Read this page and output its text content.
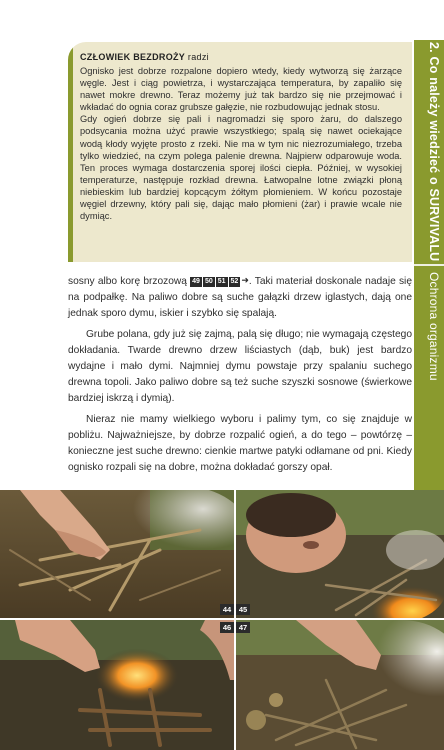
2. Co należy wiedzieć o SURVIVALU
Ochrona organizmu
CZŁOWIEK BEZDROŻY radzi

Ognisko jest dobrze rozpalone dopiero wtedy, kiedy wytworzą się żarzące węgle. Jest i ciąg powietrza, i wystarczająca temperatura, by zapaliło się nawet mokre drewno. Teraz możemy już tak bardzo się nie przejmować i wkładać do ognia coraz grubsze gałęzie, nie rozbudowując jednak stosu.

Gdy ogień dobrze się pali i nagromadzi się sporo żaru, do dalszego podsycania można użyć prawie wszystkiego; spalą się nawet ociekające wodą kłody wyjęte prosto z rzeki. Nie ma w tym nic niezrozumiałego, trzeba tylko wiedzieć, na czym polega palenie drewna. Najpierw odparowuje woda. Ten proces wymaga dostarczenia sporej ilości ciepła. Później, w wysokiej temperaturze, następuje rozkład drewna. Łatwopalne lotne związki płoną niebieskim lub bardziej kopcącym żółtym płomieniem. W końcu pozostaje węgiel drzewny, który pali się, dając mało płomieni (żar) i prawie wcale nie dymiąc.

sosny albo korę brzozową 49 50 51 52 ➜. Taki materiał doskonale nadaje się na podpałkę. Na paliwo dobre są suche gałązki drzew iglastych, dają one jednak sporo dymu, iskier i szybko się spalają.

Grube polana, gdy już się zajmą, palą się długo; nie wymagają częstego dokładania. Twarde drewno drzew liściastych (dąb, buk) jest bardzo wydajne i mało dymi. Najmniej dymu powstaje przy spalaniu suchego drewna topoli. Jako paliwo dobre są też suche szyszki sosnowe (świerkowe bardziej iskrzą i dymią).

Nieraz nie mamy wielkiego wyboru i palimy tym, co się znajduje w pobliżu. Najważniejsze, by dobrze rozpalić ogień, a do tego – powtórzę – konieczne jest suche drewno: cienkie martwe patyki odłamane od pni. Kiedy ognisko rozpali się na dobre, można dokładać gorszy opał.

44	45
46	47
